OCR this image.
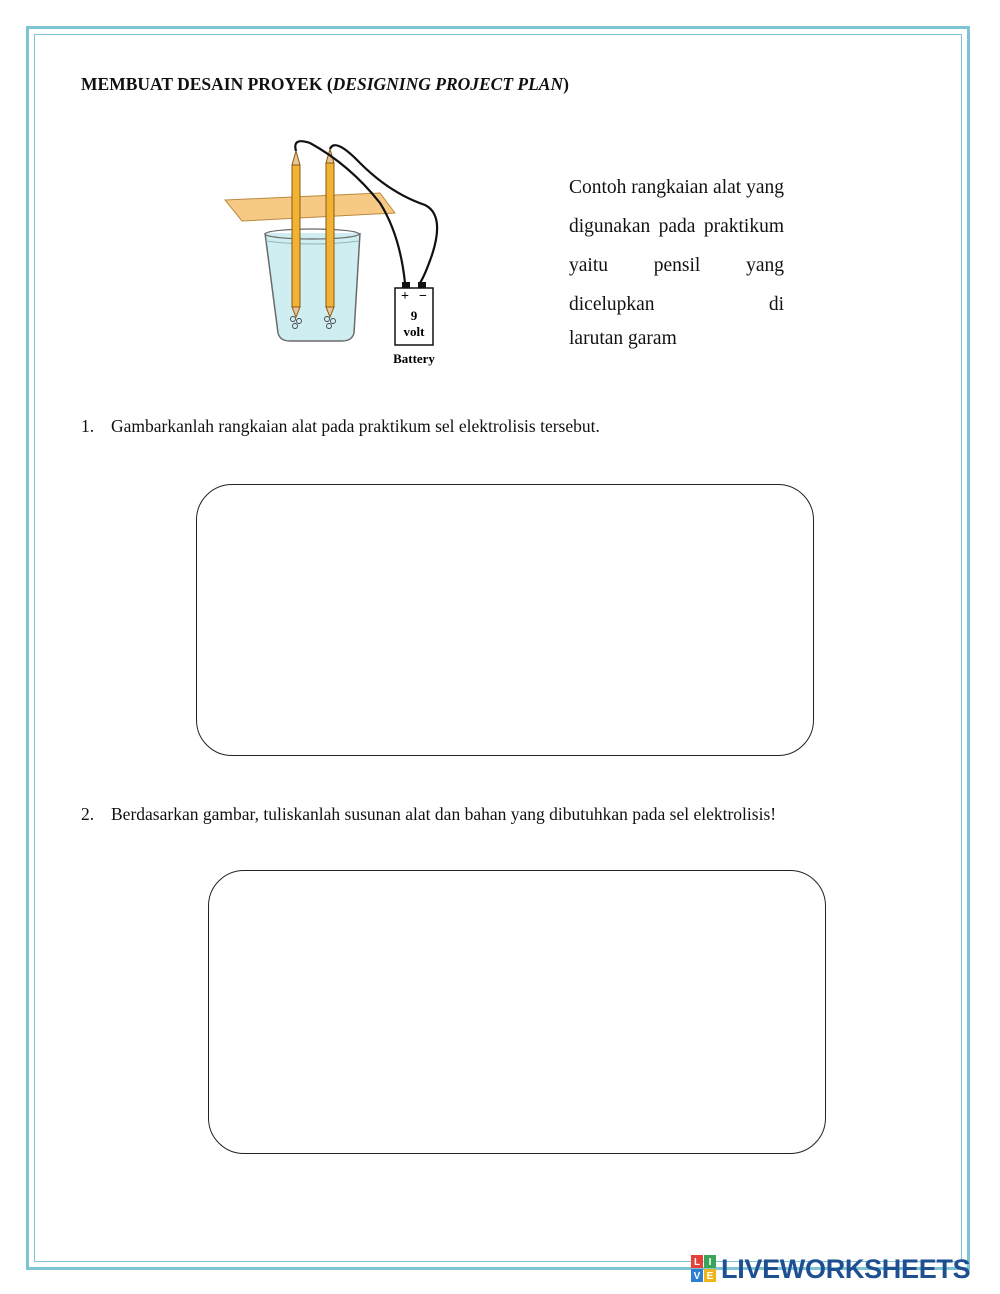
MEMBUAT DESAIN PROYEK (DESIGNING PROJECT PLAN)
+ −
9
volt
Battery
Contoh rangkaian alat yang digunakan pada praktikum yaitu pensil yang dicelupkan di
larutan garam
1. Gambarkanlah rangkaian alat pada praktikum sel elektrolisis tersebut.
2. Berdasarkan gambar, tuliskanlah susunan alat dan bahan yang dibutuhkan pada sel elektrolisis!
L I
V E LIVEWORKSHEETS
